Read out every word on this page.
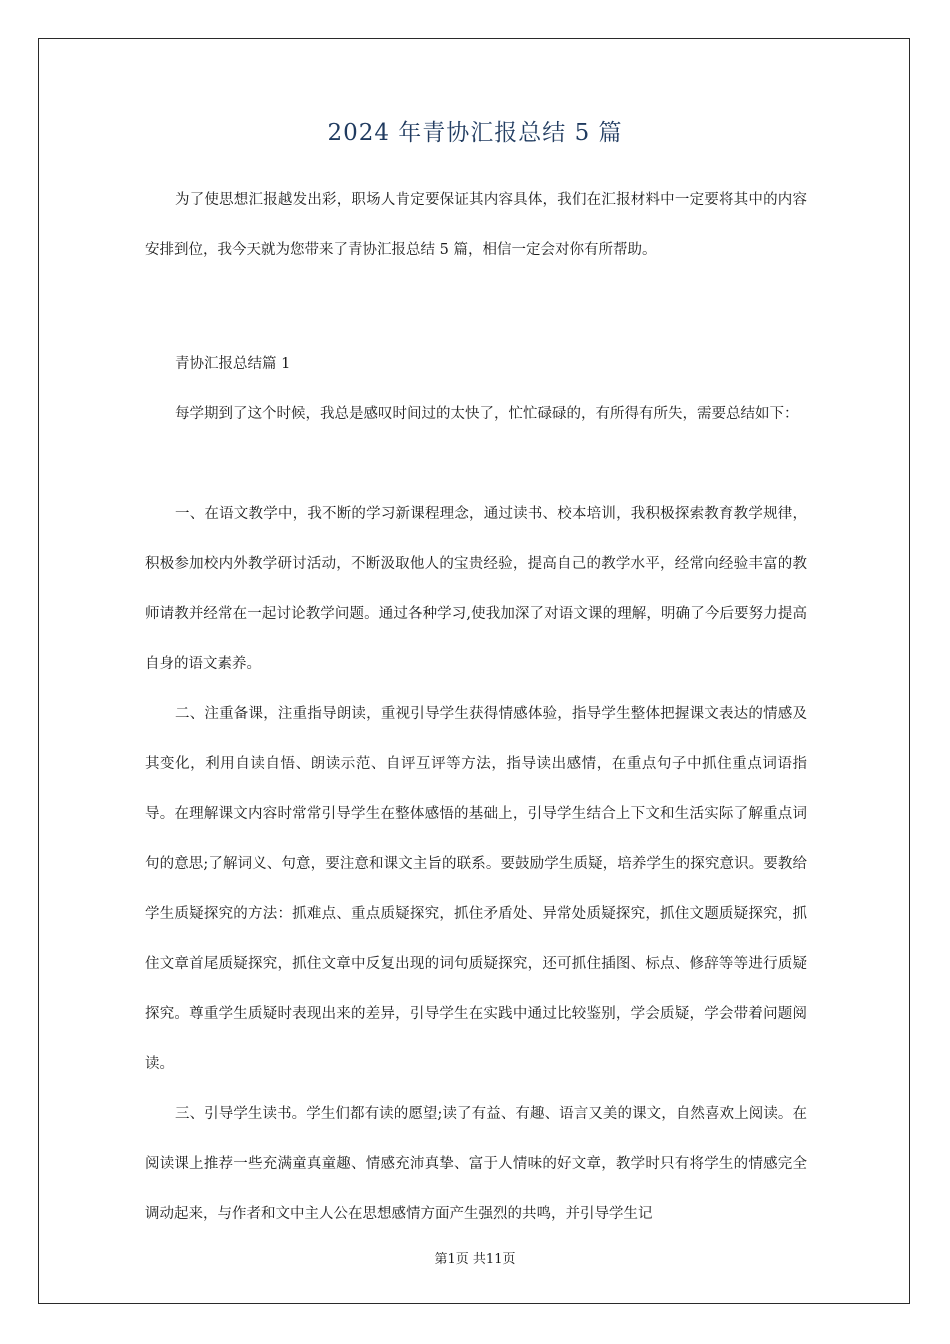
2024 年青协汇报总结 5 篇

为了使思想汇报越发出彩，职场人肯定要保证其内容具体，我们在汇报材料中一定要将其中的内容安排到位，我今天就为您带来了青协汇报总结 5 篇，相信一定会对你有所帮助。

青协汇报总结篇 1

每学期到了这个时候，我总是感叹时间过的太快了，忙忙碌碌的，有所得有所失，需要总结如下：

一、在语文教学中，我不断的学习新课程理念，通过读书、校本培训，我积极探索教育教学规律，积极参加校内外教学研讨活动，不断汲取他人的宝贵经验，提高自己的教学水平，经常向经验丰富的教师请教并经常在一起讨论教学问题。通过各种学习,使我加深了对语文课的理解，明确了今后要努力提高自身的语文素养。

二、注重备课，注重指导朗读，重视引导学生获得情感体验，指导学生整体把握课文表达的情感及其变化，利用自读自悟、朗读示范、自评互评等方法，指导读出感情，在重点句子中抓住重点词语指导。在理解课文内容时常常引导学生在整体感悟的基础上，引导学生结合上下文和生活实际了解重点词句的意思;了解词义、句意，要注意和课文主旨的联系。要鼓励学生质疑，培养学生的探究意识。要教给学生质疑探究的方法：抓难点、重点质疑探究，抓住矛盾处、异常处质疑探究，抓住文题质疑探究，抓住文章首尾质疑探究，抓住文章中反复出现的词句质疑探究，还可抓住插图、标点、修辞等等进行质疑探究。尊重学生质疑时表现出来的差异，引导学生在实践中通过比较鉴别，学会质疑，学会带着问题阅读。

三、引导学生读书。学生们都有读的愿望;读了有益、有趣、语言又美的课文，自然喜欢上阅读。在阅读课上推荐一些充满童真童趣、情感充沛真挚、富于人情味的好文章，教学时只有将学生的情感完全调动起来，与作者和文中主人公在思想感情方面产生强烈的共鸣，并引导学生记

第1页 共11页
